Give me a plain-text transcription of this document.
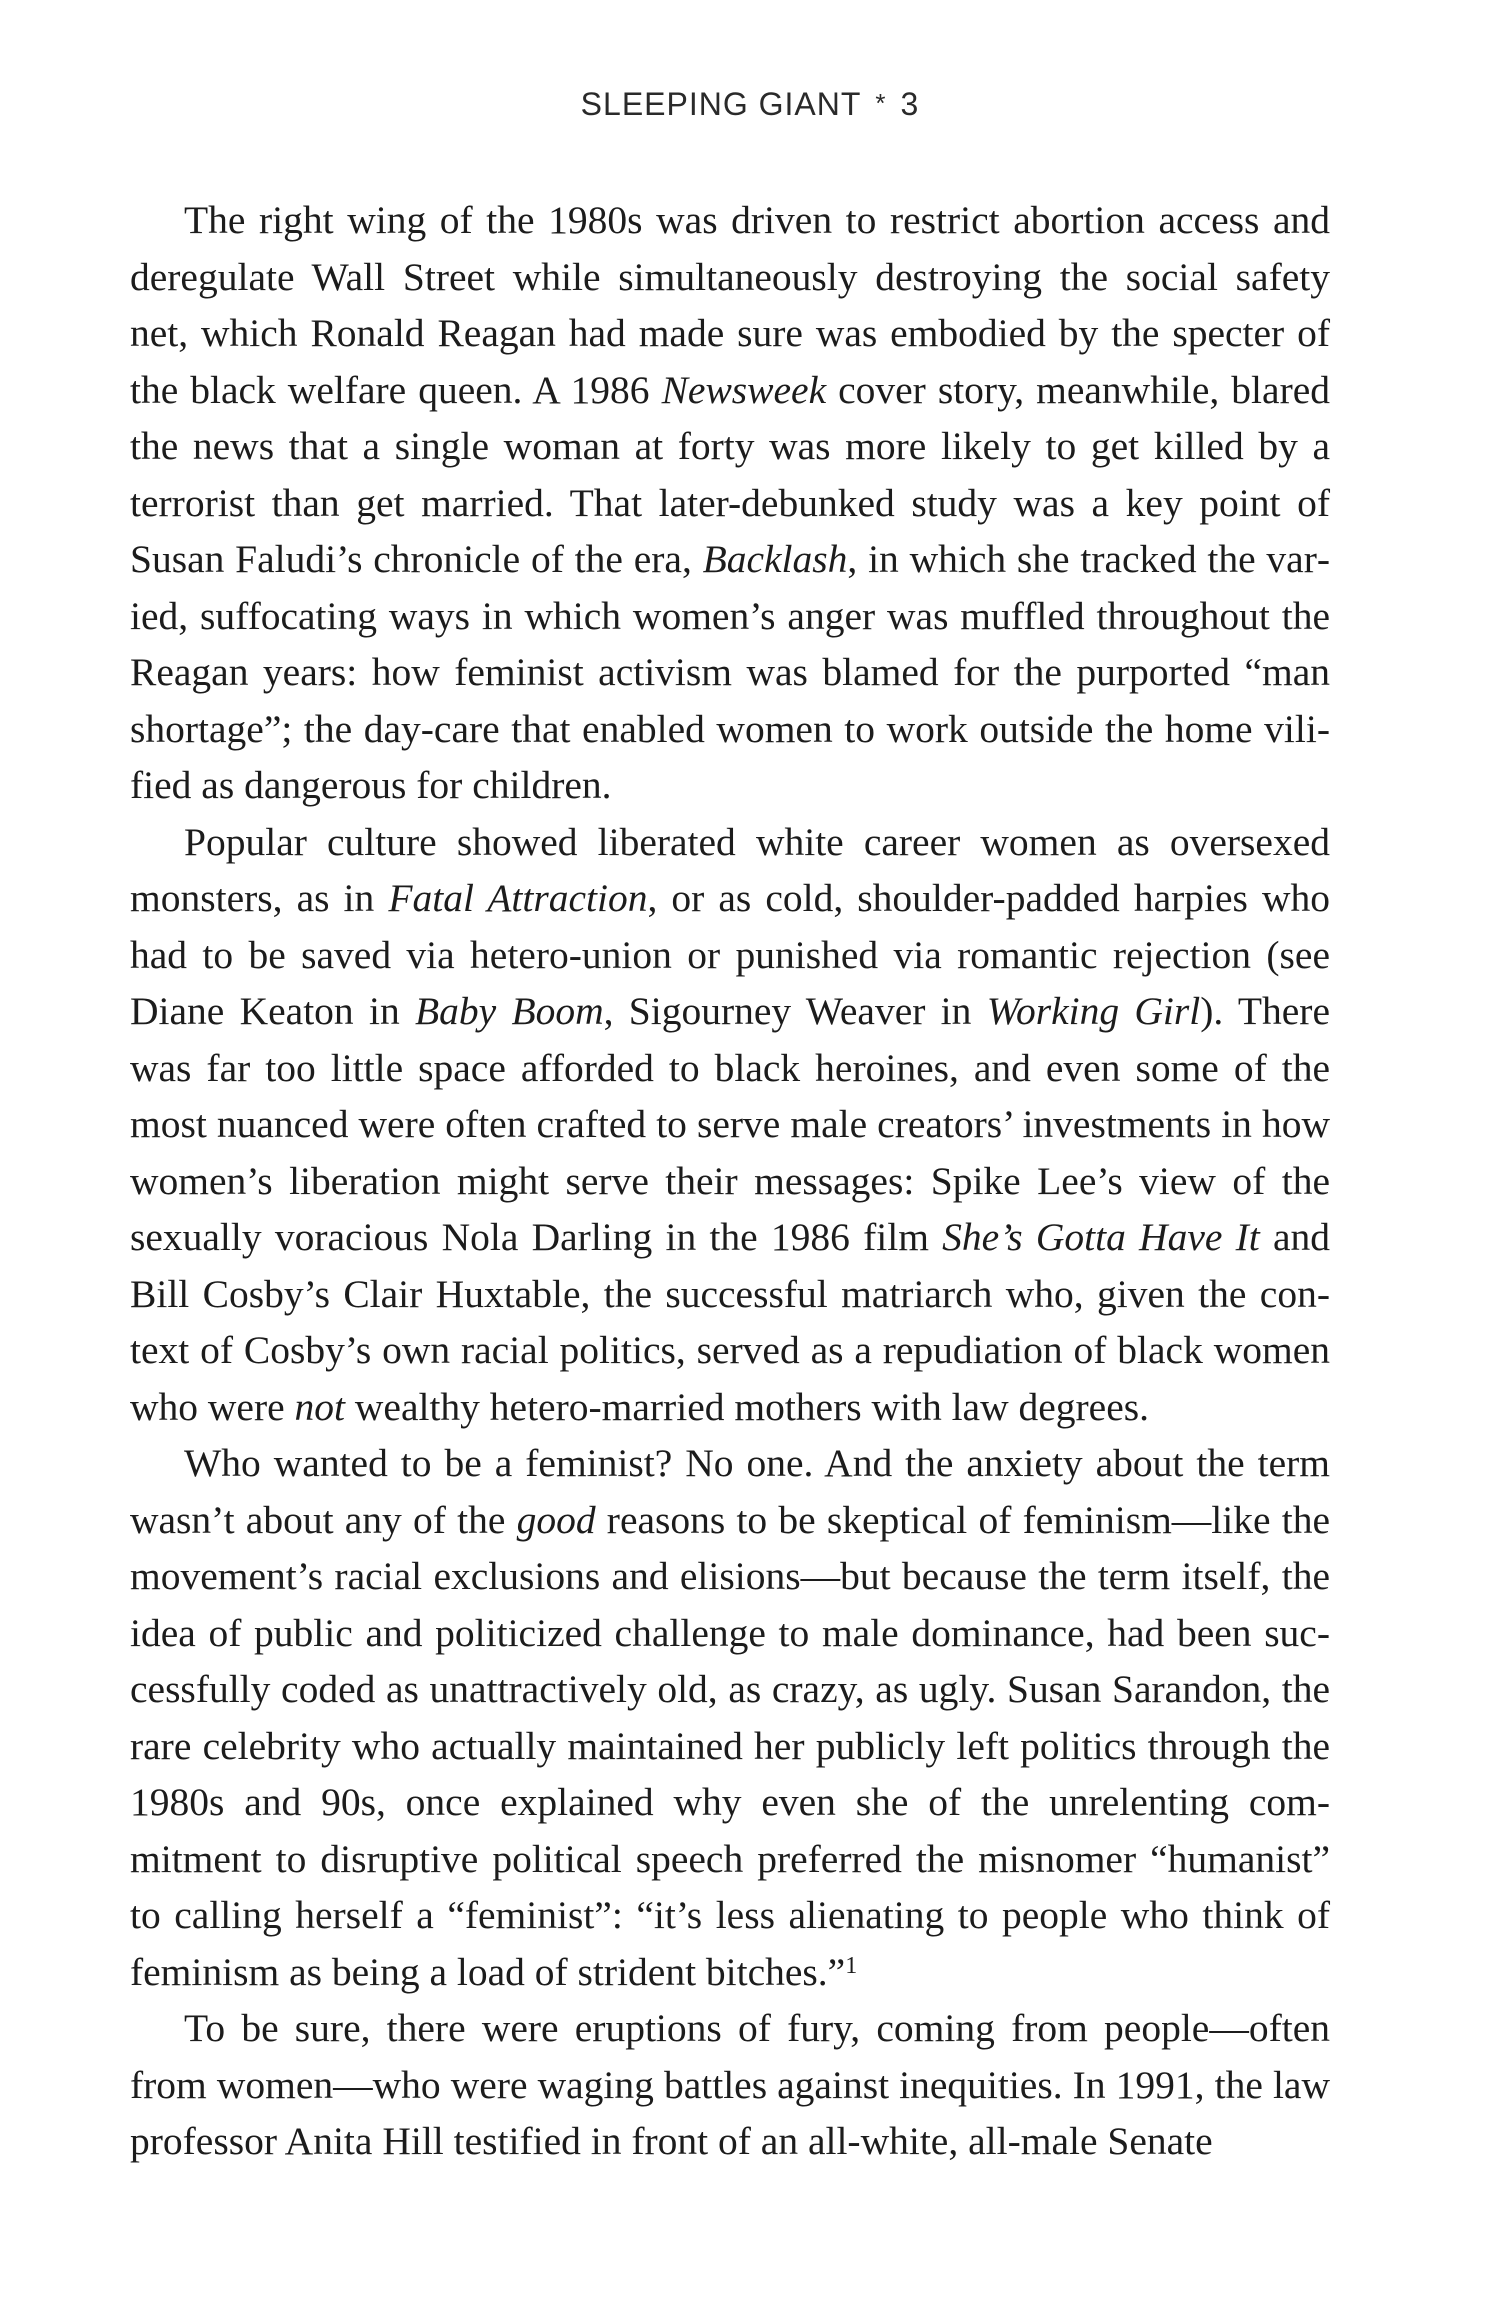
SLEEPING GIANT * 3

The right wing of the 1980s was driven to restrict abortion access and deregulate Wall Street while simultaneously destroying the social safety net, which Ronald Reagan had made sure was embodied by the specter of the black welfare queen. A 1986 Newsweek cover story, meanwhile, blared the news that a single woman at forty was more likely to get killed by a terrorist than get married. That later-debunked study was a key point of Susan Faludi’s chronicle of the era, Backlash, in which she tracked the varied, suffocating ways in which women’s anger was muffled throughout the Reagan years: how feminist activism was blamed for the purported “man shortage”; the day-care that enabled women to work outside the home vilified as dangerous for children.

Popular culture showed liberated white career women as oversexed monsters, as in Fatal Attraction, or as cold, shoulder-padded harpies who had to be saved via hetero-union or punished via romantic rejection (see Diane Keaton in Baby Boom, Sigourney Weaver in Working Girl). There was far too little space afforded to black heroines, and even some of the most nuanced were often crafted to serve male creators’ investments in how women’s liberation might serve their messages: Spike Lee’s view of the sexually voracious Nola Darling in the 1986 film She’s Gotta Have It and Bill Cosby’s Clair Huxtable, the successful matriarch who, given the context of Cosby’s own racial politics, served as a repudiation of black women who were not wealthy hetero-married mothers with law degrees.

Who wanted to be a feminist? No one. And the anxiety about the term wasn’t about any of the good reasons to be skeptical of feminism—like the movement’s racial exclusions and elisions—but because the term itself, the idea of public and politicized challenge to male dominance, had been successfully coded as unattractively old, as crazy, as ugly. Susan Sarandon, the rare celebrity who actually maintained her publicly left politics through the 1980s and 90s, once explained why even she of the unrelenting commitment to disruptive political speech preferred the misnomer “humanist” to calling herself a “feminist”: “it’s less alienating to people who think of feminism as being a load of strident bitches.”$^1$

To be sure, there were eruptions of fury, coming from people—often from women—who were waging battles against inequities. In 1991, the law professor Anita Hill testified in front of an all-white, all-male Senate
